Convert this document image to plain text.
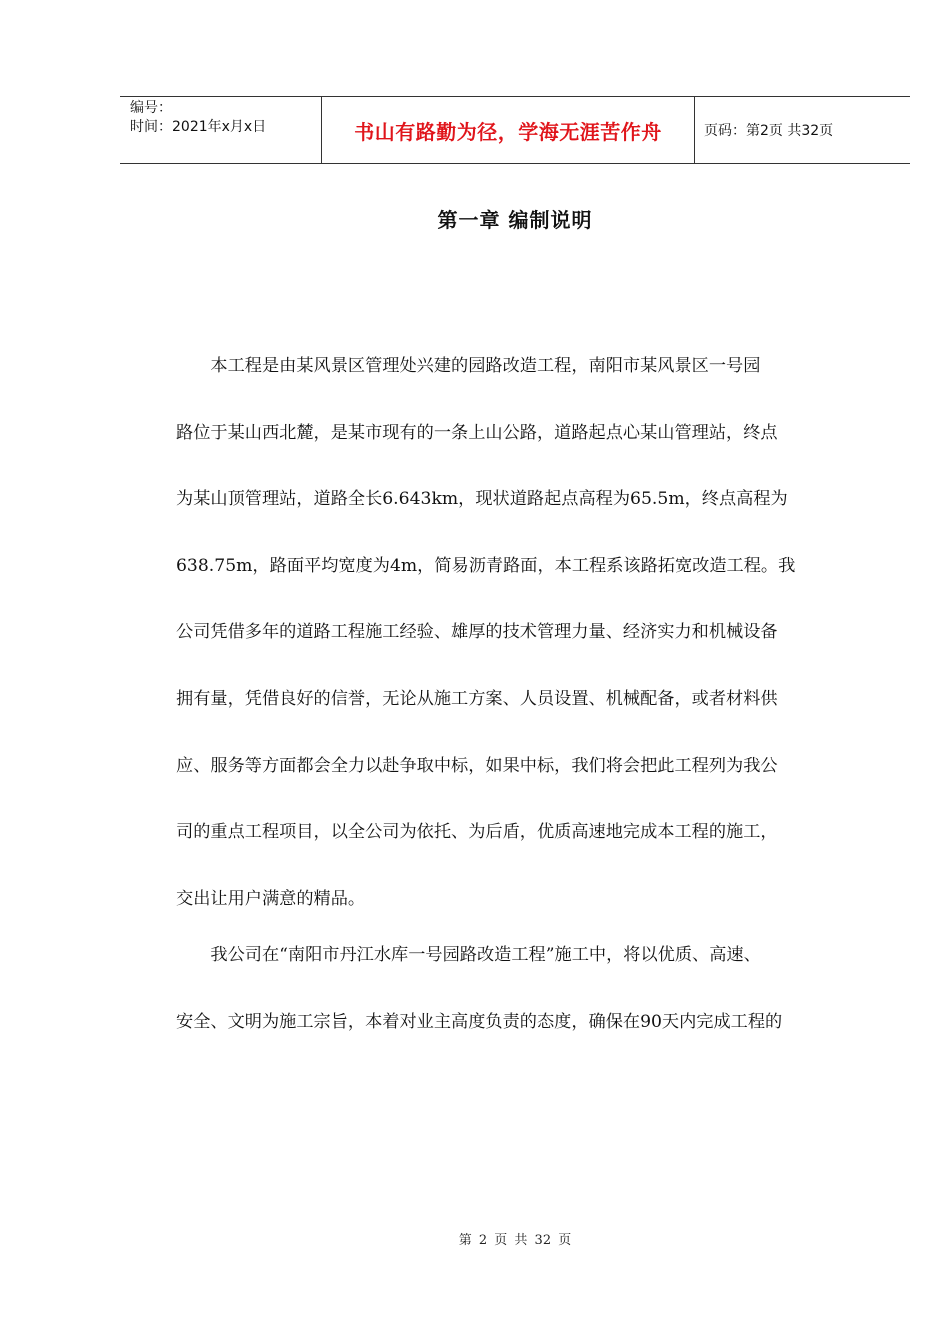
编号：
时间：2021年x月x日	书山有路勤为径，学海无涯苦作舟	页码：第2页 共32页
第一章 编制说明
　　本工程是由某风景区管理处兴建的园路改造工程，南阳市某风景区一号园
路位于某山西北麓，是某市现有的一条上山公路，道路起点心某山管理站，终点
为某山顶管理站，道路全长6.643km，现状道路起点高程为65.5m，终点高程为
638.75m，路面平均宽度为4m，简易沥青路面，本工程系该路拓宽改造工程。我
公司凭借多年的道路工程施工经验、雄厚的技术管理力量、经济实力和机械设备
拥有量，凭借良好的信誉，无论从施工方案、人员设置、机械配备，或者材料供
应、服务等方面都会全力以赴争取中标，如果中标，我们将会把此工程列为我公
司的重点工程项目，以全公司为依托、为后盾，优质高速地完成本工程的施工，
交出让用户满意的精品。
　　我公司在“南阳市丹江水库一号园路改造工程”施工中，将以优质、高速、
安全、文明为施工宗旨，本着对业主高度负责的态度，确保在90天内完成工程的
第 2 页 共 32 页
